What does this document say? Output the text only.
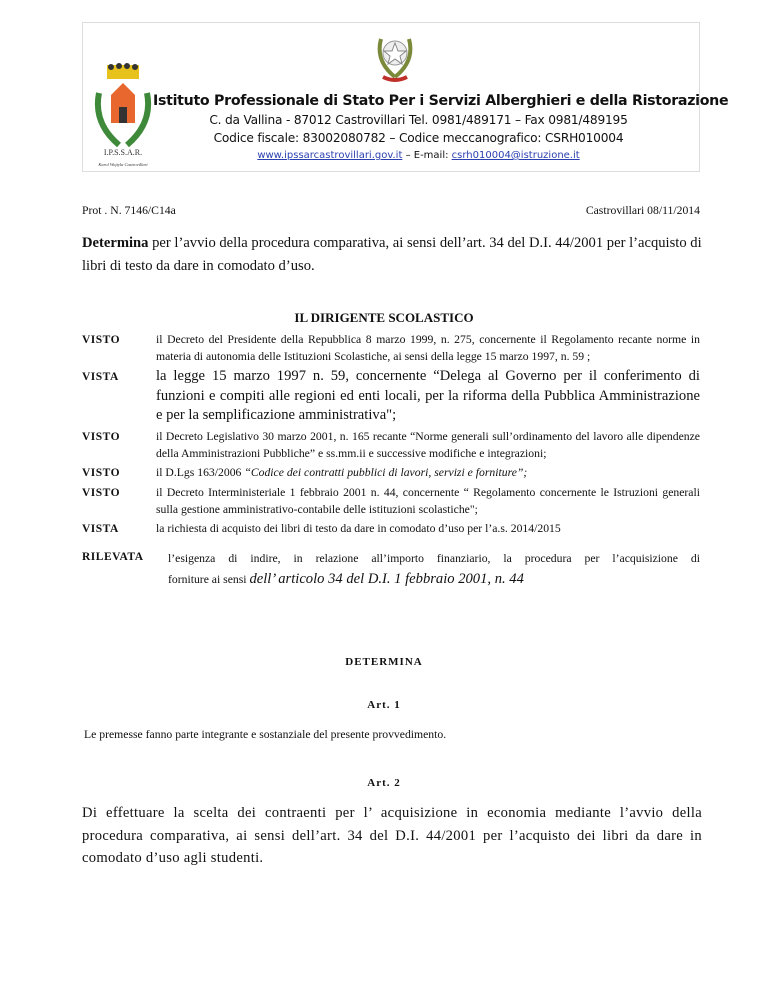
I.P.S.S.A.R.
Karol Wojtyla Castrovillari
Istituto Professionale di Stato Per i Servizi Alberghieri e della Ristorazione
C. da Vallina - 87012 Castrovillari Tel. 0981/489171 – Fax 0981/489195
Codice fiscale: 83002080782 – Codice meccanografico: CSRH010004
www.ipssarcastrovillari.gov.it – E-mail: csrh010004@istruzione.it
Prot . N. 7146/C14a	Castrovillari 08/11/2014
Determina per l’avvio della procedura comparativa, ai sensi dell’art. 34 del D.I. 44/2001 per l’acquisto di libri di testo da dare in comodato d’uso.
IL DIRIGENTE SCOLASTICO
VISTO	il Decreto del Presidente della Repubblica 8 marzo 1999, n. 275, concernente il Regolamento recante norme in materia di autonomia delle Istituzioni Scolastiche, ai sensi della legge 15 marzo 1997, n. 59 ;
VISTA	la legge 15 marzo 1997 n. 59, concernente “Delega al Governo per il conferimento di funzioni e compiti alle regioni ed enti locali, per la riforma della Pubblica Amministrazione e per la semplificazione amministrativa";
VISTO	il Decreto Legislativo 30 marzo 2001, n. 165 recante “Norme generali sull’ordinamento del lavoro alle dipendenze della Amministrazioni Pubbliche” e ss.mm.ii e successive modifiche e integrazioni;
VISTO	il D.Lgs 163/2006 “Codice dei contratti pubblici di lavori, servizi e forniture”;
VISTO	il Decreto Interministeriale 1 febbraio 2001 n. 44, concernente “ Regolamento concernente le Istruzioni generali sulla gestione amministrativo-contabile delle istituzioni scolastiche";
VISTA	la richiesta di acquisto dei libri di testo da dare in comodato d’uso per l’a.s. 2014/2015
RILEVATA	l’esigenza di indire, in relazione all’importo finanziario, la procedura per l’acquisizione di
forniture ai sensi dell’ articolo 34 del D.I. 1 febbraio 2001, n. 44
DETERMINA
Art. 1
Le premesse fanno parte integrante e sostanziale del presente provvedimento.
Art. 2
Di effettuare la scelta dei contraenti per l’ acquisizione in economia mediante l’avvio della procedura comparativa, ai sensi dell’art. 34 del D.I. 44/2001 per l’acquisto dei libri da dare in comodato d’uso agli studenti.
